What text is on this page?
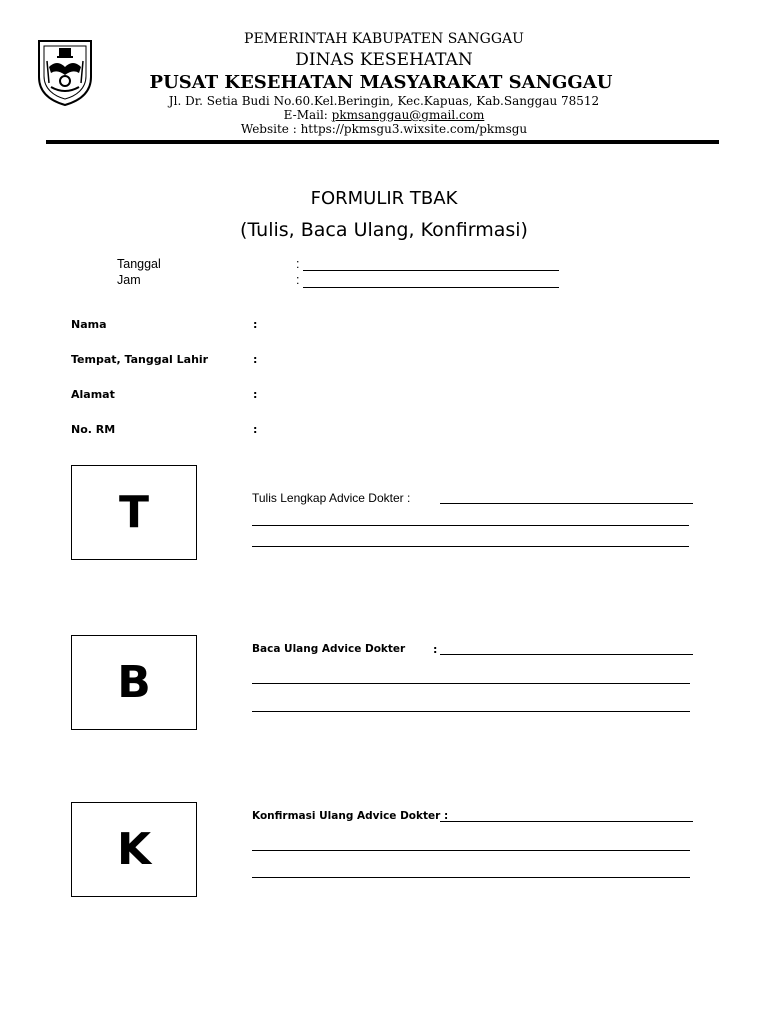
PEMERINTAH KABUPATEN SANGGAU
DINAS KESEHATAN
PUSAT KESEHATAN MASYARAKAT SANGGAU
Jl. Dr. Setia Budi No.60.Kel.Beringin, Kec.Kapuas, Kab.Sanggau 78512
E-Mail: pkmsanggau@gmail.com
Website : https://pkmsgu3.wixsite.com/pkmsgu
FORMULIR TBAK
(Tulis, Baca Ulang, Konfirmasi)
Tanggal	:
Jam	:
Nama	:
Tempat, Tanggal Lahir	:
Alamat	:
No. RM	:
T	Tulis Lengkap Advice Dokter :
B
Baca Ulang Advice Dokter	:
K
Konfirmasi Ulang Advice Dokter :
